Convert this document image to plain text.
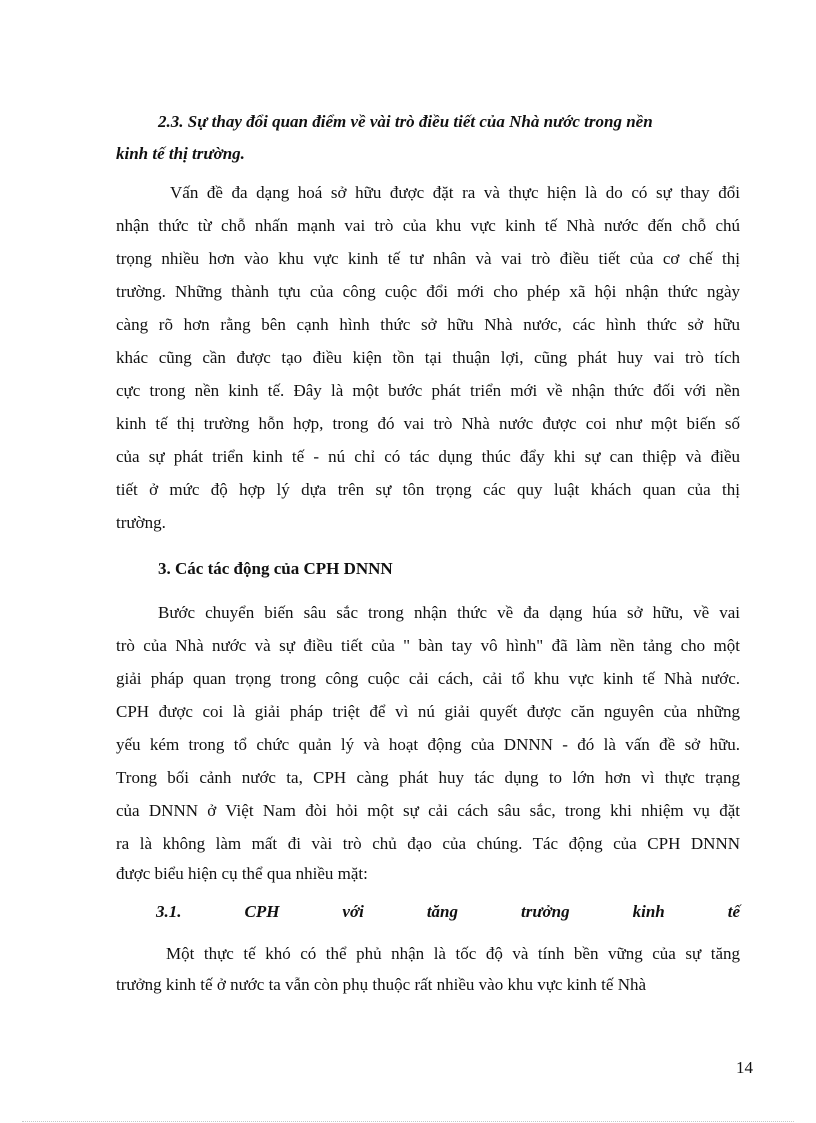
2.3. Sự thay đổi quan điểm về vài trò điều tiết của Nhà nước trong nền
kinh tế thị trường.
Vấn đề đa dạng hoá sở hữu được đặt ra và thực hiện là do có sự thay đổi
nhận thức từ chỗ nhấn mạnh vai trò của khu vực kinh tế Nhà nước đến chỗ chú
trọng nhiều hơn vào khu vực kinh tế tư nhân và vai trò điều tiết của cơ chế thị
trường. Những thành tựu của công cuộc đổi mới cho phép xã hội nhận thức ngày
càng rõ hơn rằng bên cạnh hình thức sở hữu Nhà nước, các hình thức sở hữu
khác cũng cần được tạo điều kiện tồn tại thuận lợi, cũng phát huy vai trò tích
cực trong nền kinh tế. Đây là một bước phát triển mới về nhận thức đối với nền
kinh tế thị trường hỗn hợp, trong đó vai trò Nhà nước được coi như một biến số
của sự phát triển kinh tế - nú chỉ có tác dụng thúc đẩy khi sự can thiệp và điều
tiết ở mức độ hợp lý dựa trên sự tôn trọng các quy luật khách quan của thị
trường.
3. Các tác động của CPH DNNN
Bước chuyển biến sâu sắc trong nhận thức về đa dạng húa sở hữu, về vai
trò của Nhà nước và sự điều tiết của " bàn tay vô hình" đã làm nền tảng cho một
giải pháp quan trọng trong công cuộc cải cách, cải tổ khu vực kinh tế Nhà nước.
CPH được coi là giải pháp triệt để vì nú giải quyết được căn nguyên của những
yếu kém trong tổ chức quản lý và hoạt động của DNNN - đó là vấn đề sở hữu.
Trong bối cảnh nước ta, CPH càng phát huy tác dụng to lớn hơn vì thực trạng
của DNNN ở Việt Nam đòi hỏi một sự cải cách sâu sắc, trong khi nhiệm vụ đặt
ra là không làm mất đi vài trò chủ đạo của chúng. Tác động của CPH DNNN
được biểu hiện cụ thể qua nhiều mặt:
3.1. CPH với tăng trưởng kinh tế
Một thực tế khó có thể phủ nhận là tốc độ và tính bền vững của sự tăng
trưởng kinh tế ở nước ta vẫn còn phụ thuộc rất nhiều vào khu vực kinh tế Nhà
14
